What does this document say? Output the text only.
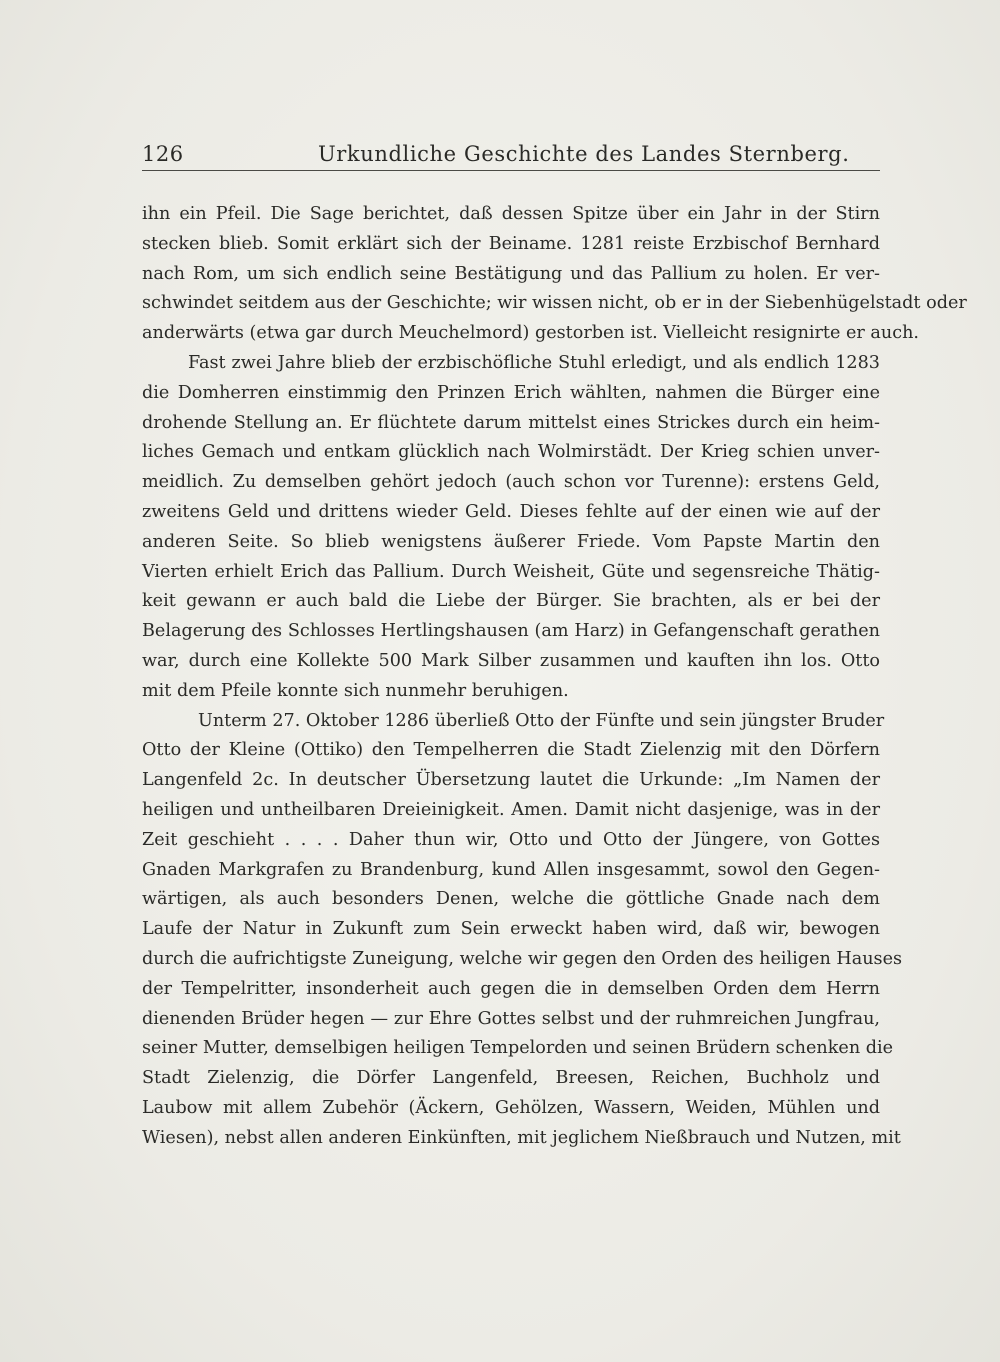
126	Urkundliche Geschichte des Landes Sternberg.
ihn ein Pfeil. Die Sage berichtet, daß dessen Spitze über ein Jahr in der Stirn
stecken blieb. Somit erklärt sich der Beiname. 1281 reiste Erzbischof Bernhard
nach Rom, um sich endlich seine Bestätigung und das Pallium zu holen. Er ver-
schwindet seitdem aus der Geschichte; wir wissen nicht, ob er in der Siebenhügelstadt oder
anderwärts (etwa gar durch Meuchelmord) gestorben ist. Vielleicht resignirte er auch.
Fast zwei Jahre blieb der erzbischöfliche Stuhl erledigt, und als endlich 1283
die Domherren einstimmig den Prinzen Erich wählten, nahmen die Bürger eine
drohende Stellung an. Er flüchtete darum mittelst eines Strickes durch ein heim-
liches Gemach und entkam glücklich nach Wolmirstädt. Der Krieg schien unver-
meidlich. Zu demselben gehört jedoch (auch schon vor Turenne): erstens Geld,
zweitens Geld und drittens wieder Geld. Dieses fehlte auf der einen wie auf der
anderen Seite. So blieb wenigstens äußerer Friede. Vom Papste Martin den
Vierten erhielt Erich das Pallium. Durch Weisheit, Güte und segensreiche Thätig-
keit gewann er auch bald die Liebe der Bürger. Sie brachten, als er bei der
Belagerung des Schlosses Hertlingshausen (am Harz) in Gefangenschaft gerathen
war, durch eine Kollekte 500 Mark Silber zusammen und kauften ihn los. Otto
mit dem Pfeile konnte sich nunmehr beruhigen.
Unterm 27. Oktober 1286 überließ Otto der Fünfte und sein jüngster Bruder
Otto der Kleine (Ottiko) den Tempelherren die Stadt Zielenzig mit den Dörfern
Langenfeld 2c. In deutscher Übersetzung lautet die Urkunde: „Im Namen der
heiligen und untheilbaren Dreieinigkeit. Amen. Damit nicht dasjenige, was in der
Zeit geschieht . . . . Daher thun wir, Otto und Otto der Jüngere, von Gottes
Gnaden Markgrafen zu Brandenburg, kund Allen insgesammt, sowol den Gegen-
wärtigen, als auch besonders Denen, welche die göttliche Gnade nach dem
Laufe der Natur in Zukunft zum Sein erweckt haben wird, daß wir, bewogen
durch die aufrichtigste Zuneigung, welche wir gegen den Orden des heiligen Hauses
der Tempelritter, insonderheit auch gegen die in demselben Orden dem Herrn
dienenden Brüder hegen — zur Ehre Gottes selbst und der ruhmreichen Jungfrau,
seiner Mutter, demselbigen heiligen Tempelorden und seinen Brüdern schenken die
Stadt Zielenzig, die Dörfer Langenfeld, Breesen, Reichen, Buchholz und
Laubow mit allem Zubehör (Äckern, Gehölzen, Wassern, Weiden, Mühlen und
Wiesen), nebst allen anderen Einkünften, mit jeglichem Nießbrauch und Nutzen, mit
